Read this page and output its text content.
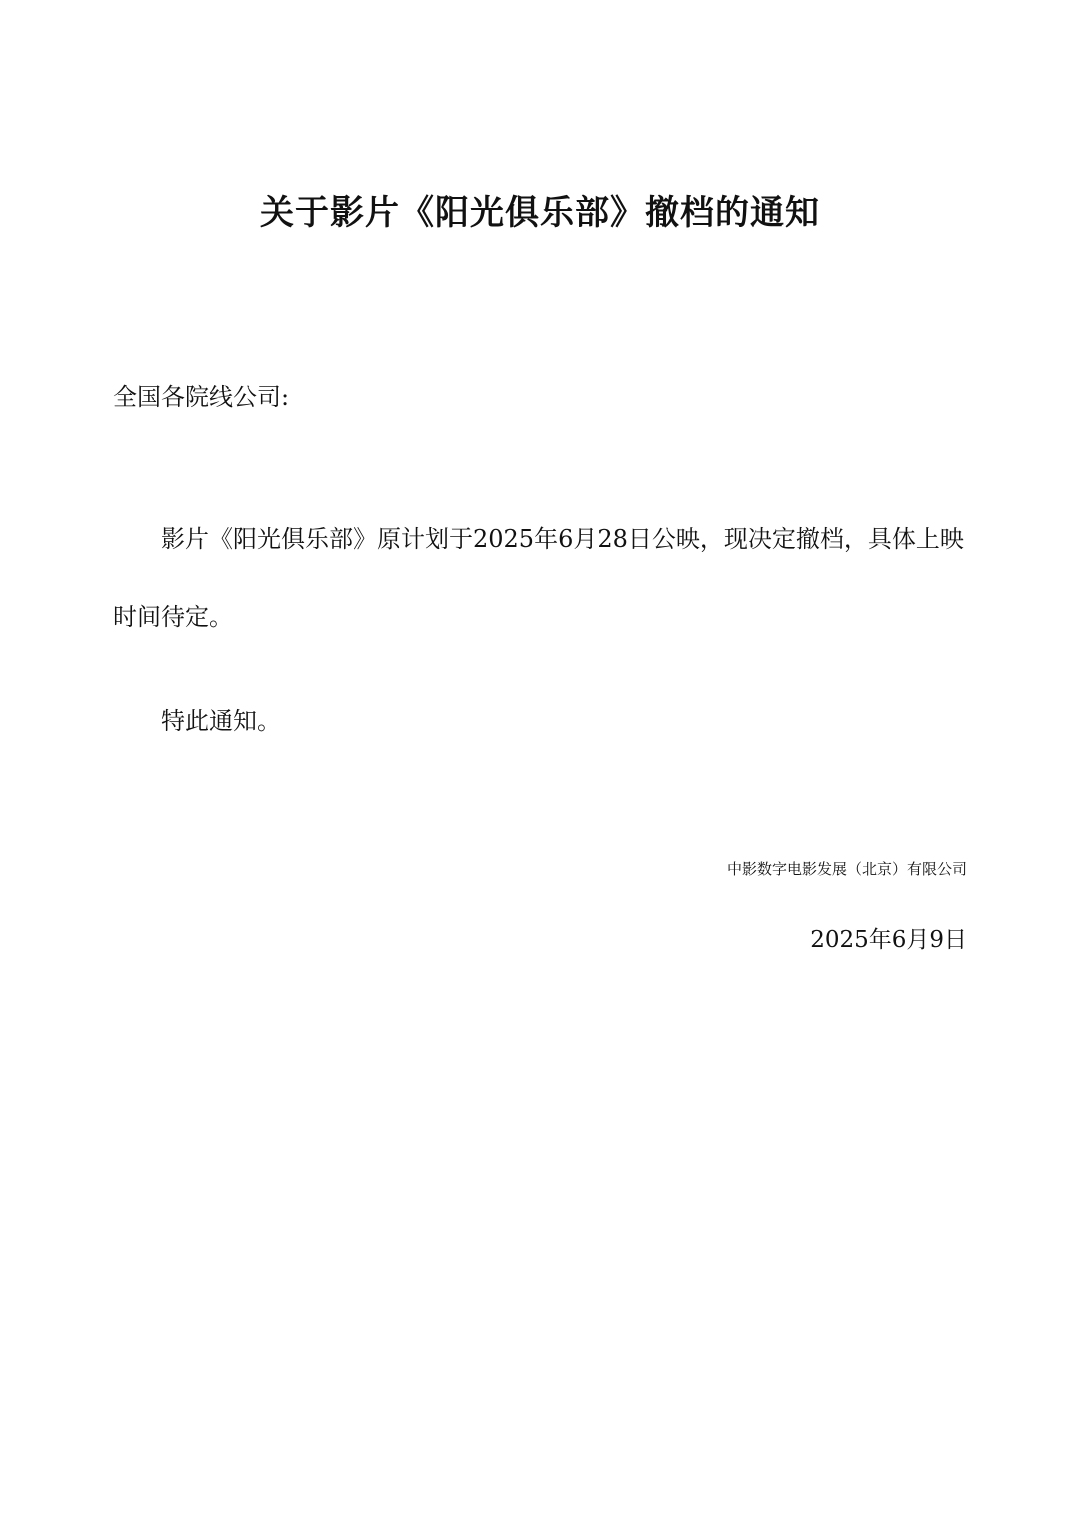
关于影片《阳光俱乐部》撤档的通知
全国各院线公司:

影片《阳光俱乐部》原计划于2025年6月28日公映，现决定撤档，具体上映时间待定。

特此通知。
中影数字电影发展（北京）有限公司
2025年6月9日
